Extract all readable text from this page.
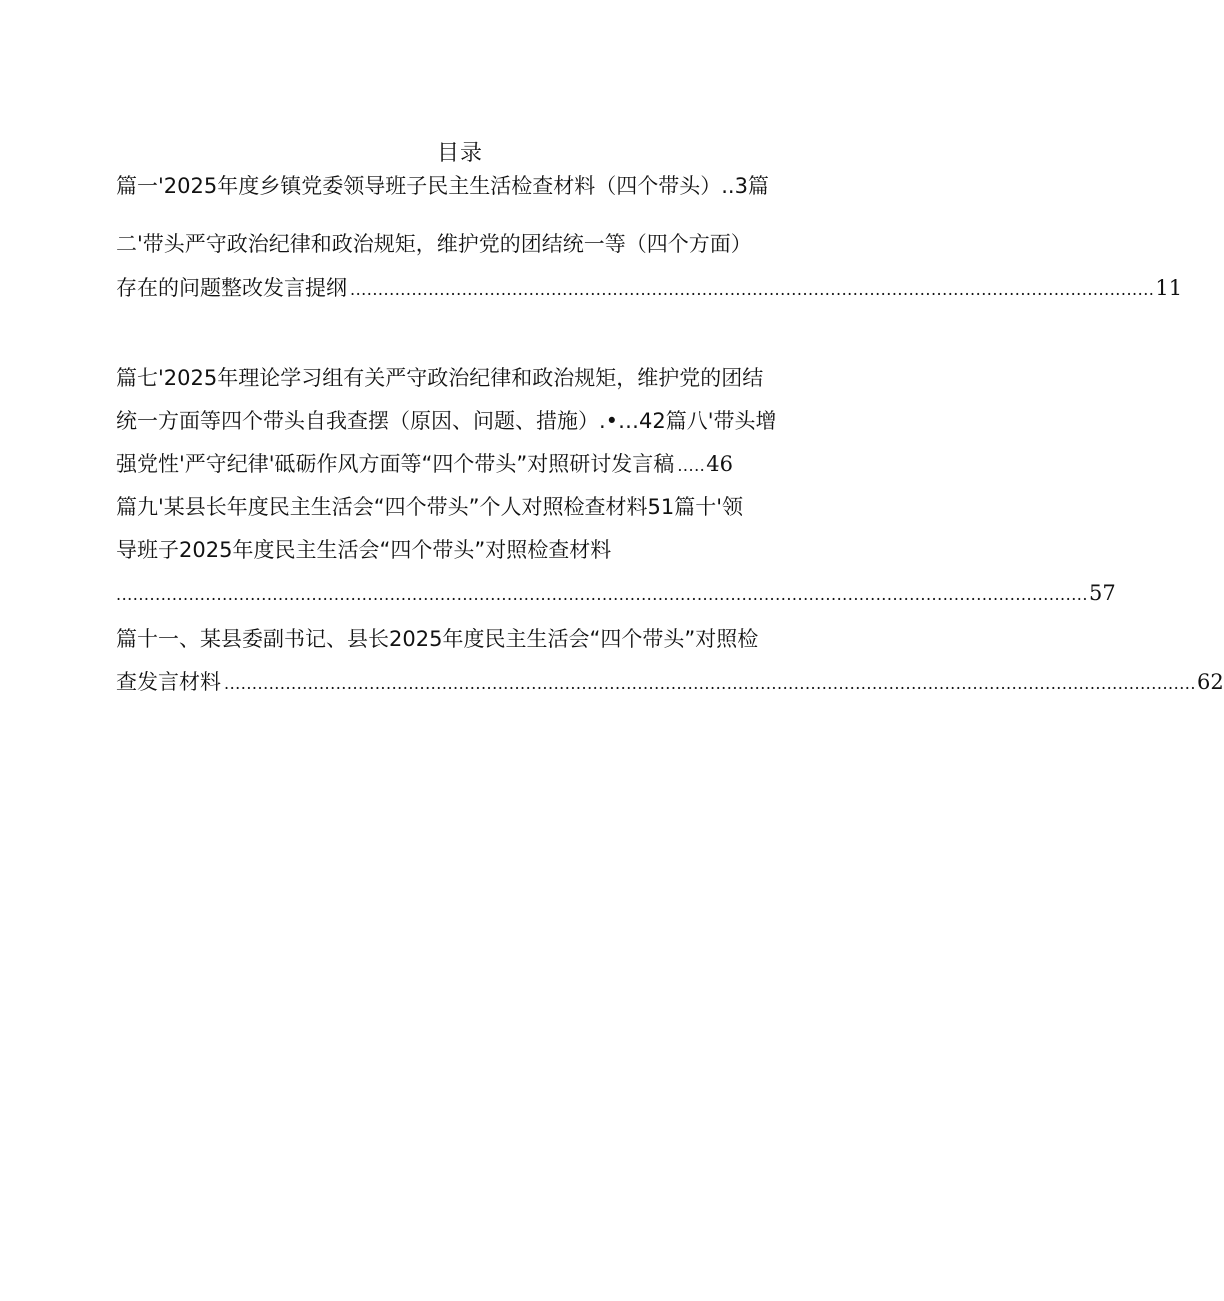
目录
篇一'2025年度乡镇党委领导班子民主生活检查材料（四个带头）..3篇
二'带头严守政治纪律和政治规矩，维护党的团结统一等（四个方面）
存在的问题整改发言提纲 ................................................................................................................................................ 11
篇七'2025年理论学习组有关严守政治纪律和政治规矩，维护党的团结
统一方面等四个带头自我查摆（原因、问题、措施）.•…42篇八'带头增
强党性'严守纪律'砥砺作风方面等“四个带头”对照研讨发言稿 ..... 46
篇九'某县长年度民主生活会“四个带头”个人对照检查材料51篇十'领
导班子2025年度民主生活会“四个带头”对照检查材料
.............................................................................................................................................................................. 57
篇十一、某县委副书记、县长2025年度民主生活会“四个带头”对照检
查发言材料 .............................................................................................................................................................................. 62
